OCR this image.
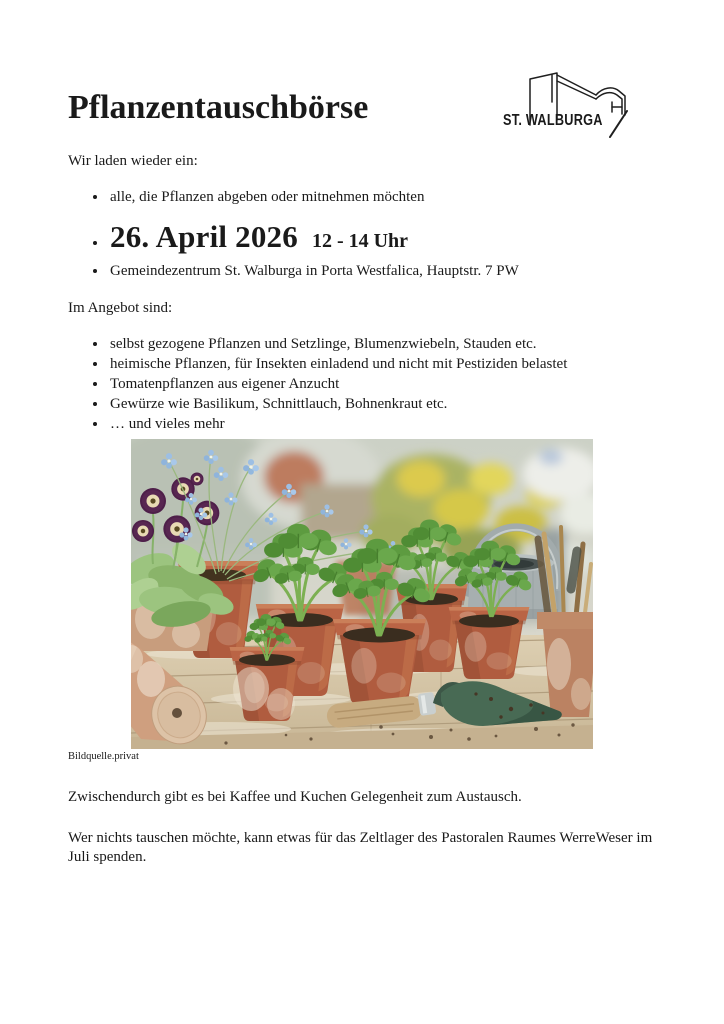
Pflanzentauschbörse	ST. WALBURGA

Wir laden wieder ein:

• alle, die Pflanzen abgeben oder mitnehmen möchten
• 26. April 2026 12 - 14 Uhr
• Gemeindezentrum St. Walburga in Porta Westfalica, Hauptstr. 7 PW

Im Angebot sind:

• selbst gezogene Pflanzen und Setzlinge, Blumenzwiebeln, Stauden etc.
• heimische Pflanzen, für Insekten einladend und nicht mit Pestiziden belastet
• Tomatenpflanzen aus eigener Anzucht
• Gewürze wie Basilikum, Schnittlauch, Bohnenkraut etc.
• … und vieles mehr

Bildquelle.privat

Zwischendurch gibt es bei Kaffee und Kuchen Gelegenheit zum Austausch.

Wer nichts tauschen möchte, kann etwas für das Zeltlager des Pastoralen Raumes WerreWeser im Juli spenden.
